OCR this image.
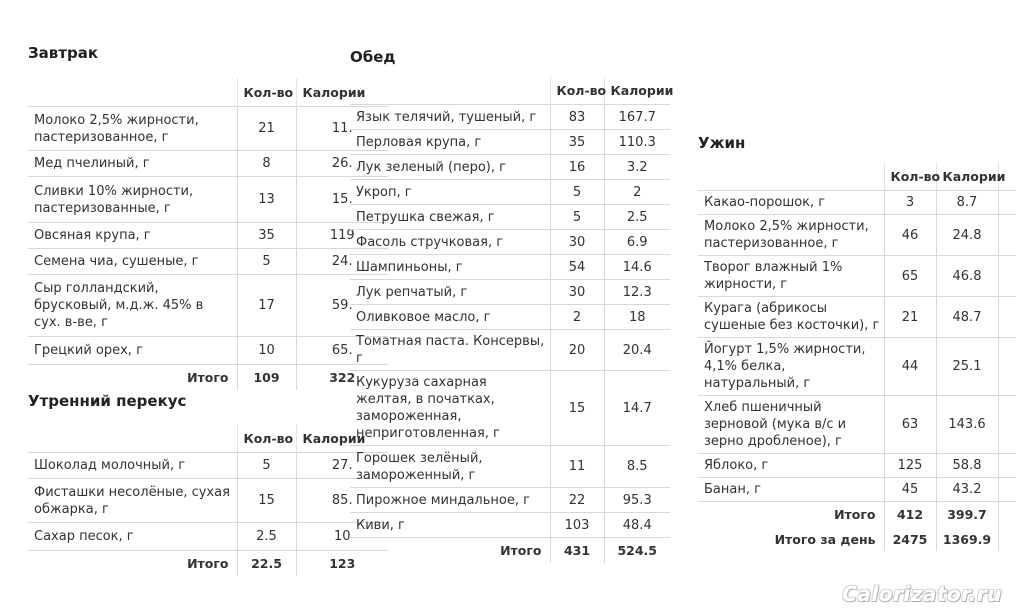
Завтрак
	Кол-во	Калории
Молоко 2,5% жирности, пастеризованное, г	21	11.
Мед пчелиный, г	8	26.
Сливки 10% жирности, пастеризованные, г	13	15.
Овсяная крупа, г	35	119
Семена чиа, сушеные, г	5	24.
Сыр голландский, брусковый, м.д.ж. 45% в сух. в-ве, г	17	59.
Грецкий орех, г	10	65.
Итого	109	322
Утренний перекус
	Кол-во	Калории
Шоколад молочный, г	5	27.
Фисташки несолёные, сухая обжарка, г	15	85.
Сахар песок, г	2.5	10
Итого	22.5	123
Обед
	Кол-во	Калории
Язык телячий, тушеный, г	83	167.7
Перловая крупа, г	35	110.3
Лук зеленый (перо), г	16	3.2
Укроп, г	5	2
Петрушка свежая, г	5	2.5
Фасоль стручковая, г	30	6.9
Шампиньоны, г	54	14.6
Лук репчатый, г	30	12.3
Оливковое масло, г	2	18
Томатная паста. Консервы, г	20	20.4
Кукуруза сахарная желтая, в початках, замороженная, неприготовленная, г	15	14.7
Горошек зелёный, замороженный, г	11	8.5
Пирожное миндальное, г	22	95.3
Киви, г	103	48.4
Итого	431	524.5
Ужин
	Кол-во	Калории	
Какао-порошок, г	3	8.7	
Молоко 2,5% жирности, пастеризованное, г	46	24.8	
Творог влажный 1% жирности, г	65	46.8	
Курага (абрикосы сушеные без косточки), г	21	48.7	
Йогурт 1,5% жирности, 4,1% белка, натуральный, г	44	25.1	
Хлеб пшеничный зерновой (мука в/с и зерно дробленое), г	63	143.6	
Яблоко, г	125	58.8	
Банан, г	45	43.2	
Итого	412	399.7	
Итого за день	2475	1369.9	
Calorizator.ru
